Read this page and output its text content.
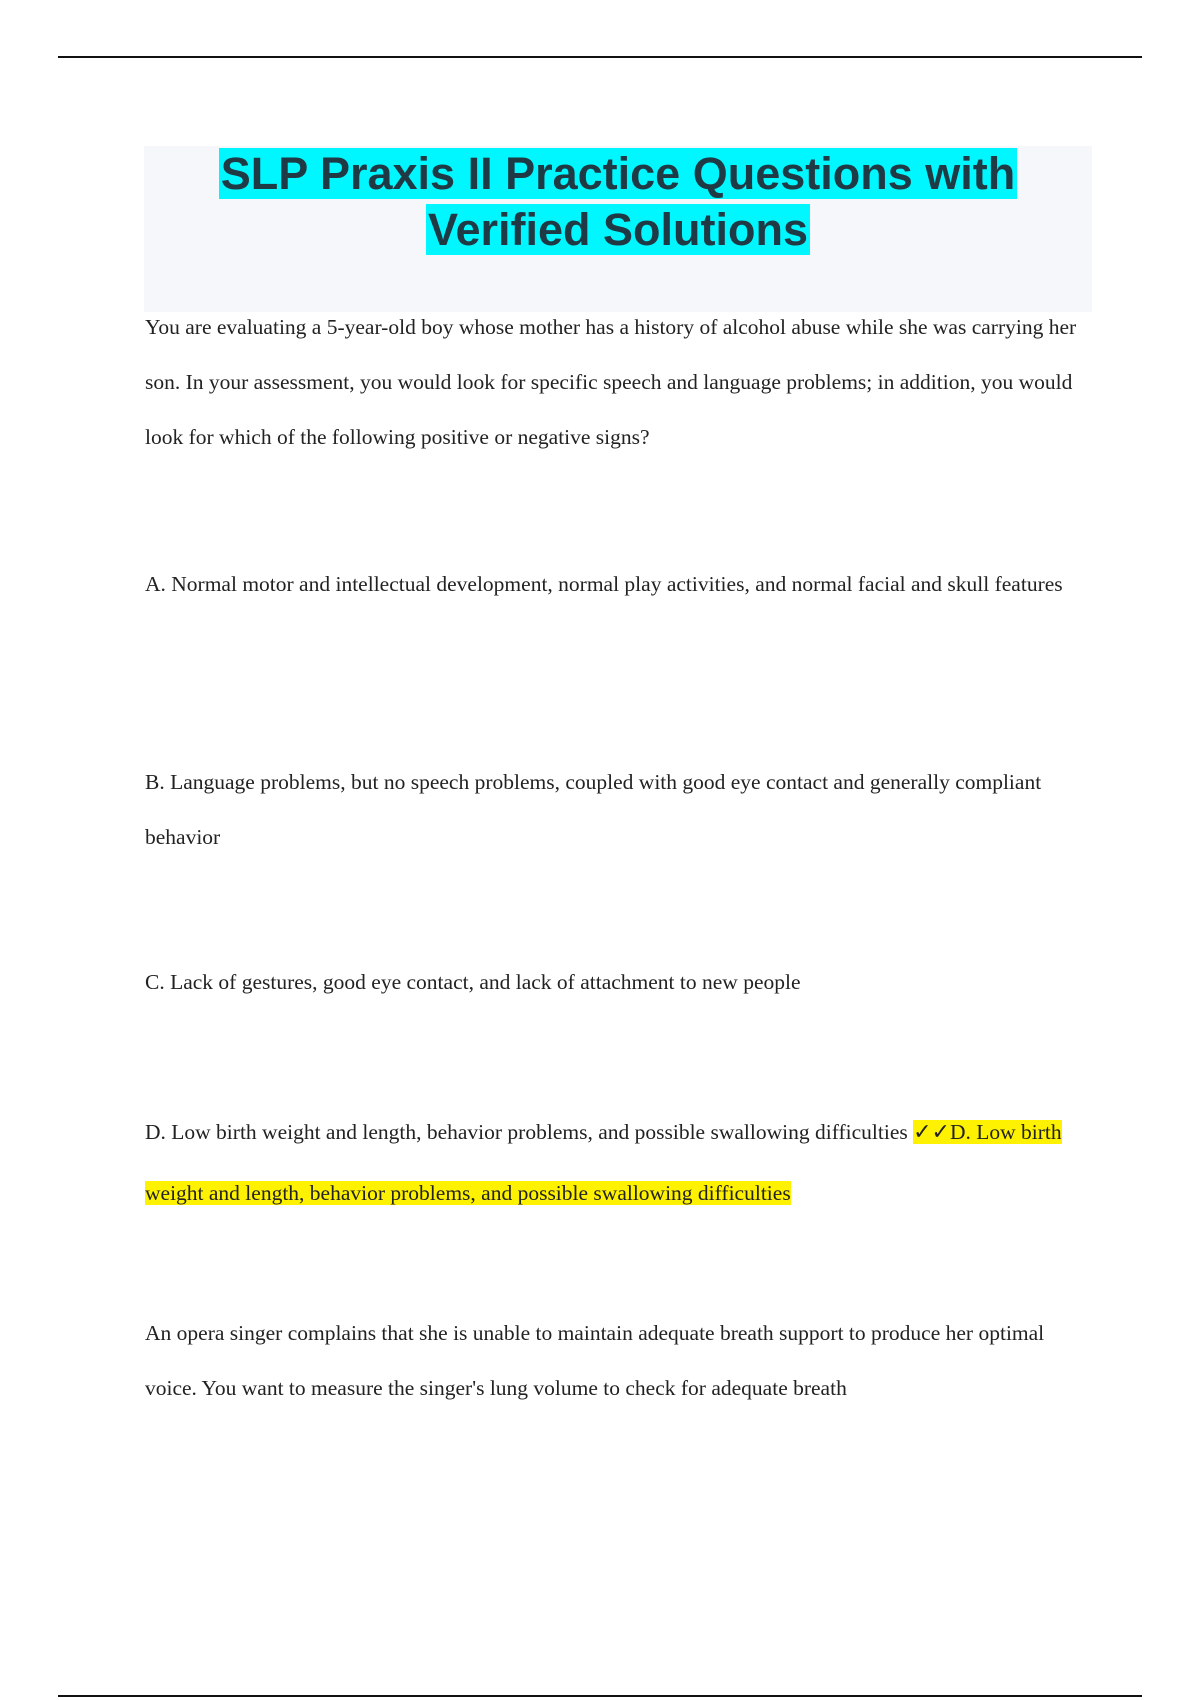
SLP Praxis II Practice Questions with
Verified Solutions

You are evaluating a 5-year-old boy whose mother has a history of alcohol abuse while she was carrying her son. In your assessment, you would look for specific speech and language problems; in addition, you would look for which of the following positive or negative signs?

A. Normal motor and intellectual development, normal play activities, and normal facial and skull features

B. Language problems, but no speech problems, coupled with good eye contact and generally compliant behavior

C. Lack of gestures, good eye contact, and lack of attachment to new people

D. Low birth weight and length, behavior problems, and possible swallowing difficulties ✓✓D. Low birth weight and length, behavior problems, and possible swallowing difficulties

An opera singer complains that she is unable to maintain adequate breath support to produce her optimal voice. You want to measure the singer's lung volume to check for adequate breath
